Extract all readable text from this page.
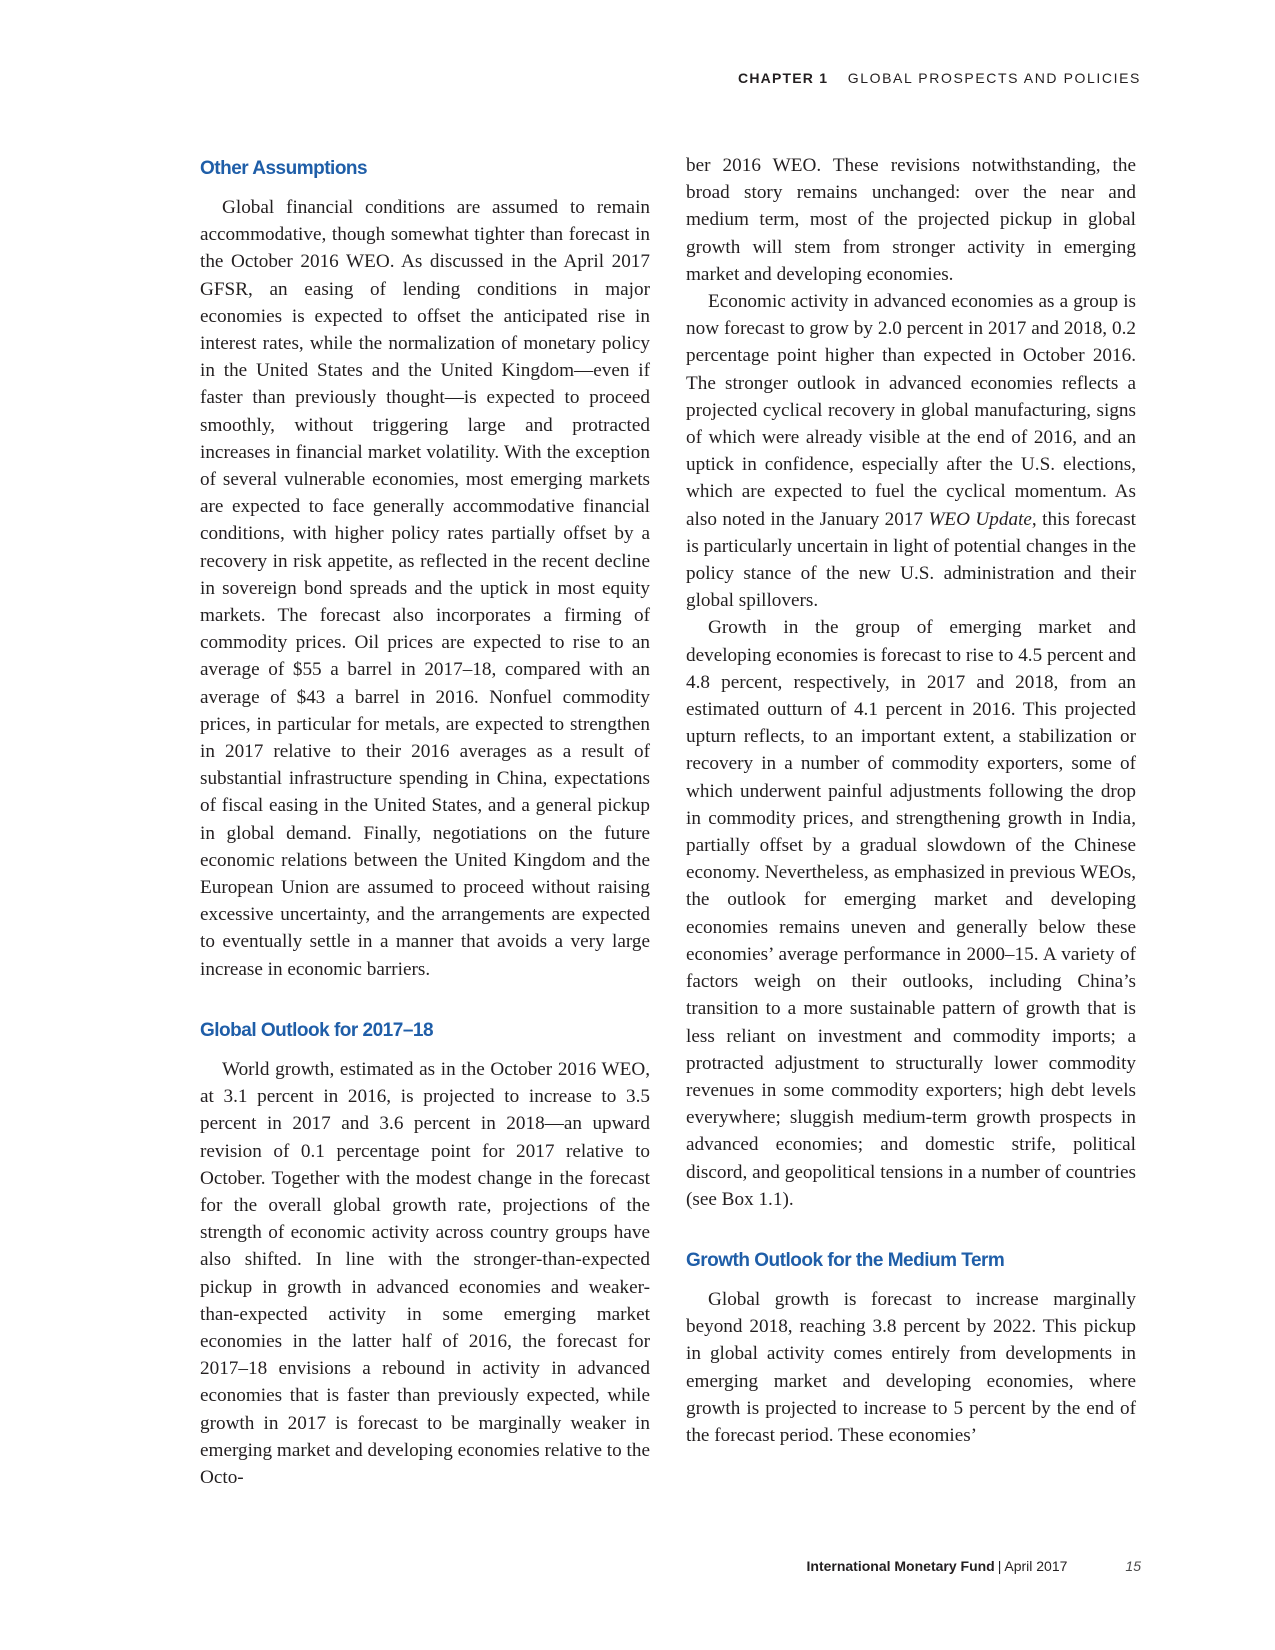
CHAPTER 1 GLOBAL PROSPECTS AND POLICIES
Other Assumptions

Global financial conditions are assumed to remain accommodative, though somewhat tighter than forecast in the October 2016 WEO. As discussed in the April 2017 GFSR, an easing of lending conditions in major economies is expected to offset the anticipated rise in interest rates, while the normalization of monetary policy in the United States and the United Kingdom—even if faster than previously thought—is expected to proceed smoothly, without triggering large and protracted increases in financial market volatility. With the exception of several vulnerable economies, most emerging markets are expected to face generally accommodative financial conditions, with higher policy rates partially offset by a recovery in risk appetite, as reflected in the recent decline in sovereign bond spreads and the uptick in most equity markets. The forecast also incorporates a firming of commodity prices. Oil prices are expected to rise to an average of $55 a barrel in 2017–18, compared with an average of $43 a barrel in 2016. Nonfuel commodity prices, in particular for metals, are expected to strengthen in 2017 relative to their 2016 averages as a result of substantial infrastructure spending in China, expectations of fiscal easing in the United States, and a general pickup in global demand. Finally, negotiations on the future economic relations between the United Kingdom and the European Union are assumed to proceed without raising excessive uncertainty, and the arrangements are expected to eventually settle in a manner that avoids a very large increase in economic barriers.

Global Outlook for 2017–18

World growth, estimated as in the October 2016 WEO, at 3.1 percent in 2016, is projected to increase to 3.5 percent in 2017 and 3.6 percent in 2018—an upward revision of 0.1 percentage point for 2017 relative to October. Together with the modest change in the forecast for the overall global growth rate, projections of the strength of economic activity across country groups have also shifted. In line with the stronger-than-expected pickup in growth in advanced economies and weaker-than-expected activity in some emerging market economies in the latter half of 2016, the forecast for 2017–18 envisions a rebound in activity in advanced economies that is faster than previously expected, while growth in 2017 is forecast to be marginally weaker in emerging market and developing economies relative to the Octo-

ber 2016 WEO. These revisions notwithstanding, the broad story remains unchanged: over the near and medium term, most of the projected pickup in global growth will stem from stronger activity in emerging market and developing economies.

Economic activity in advanced economies as a group is now forecast to grow by 2.0 percent in 2017 and 2018, 0.2 percentage point higher than expected in October 2016. The stronger outlook in advanced economies reflects a projected cyclical recovery in global manufacturing, signs of which were already visible at the end of 2016, and an uptick in confidence, especially after the U.S. elections, which are expected to fuel the cyclical momentum. As also noted in the January 2017 WEO Update, this forecast is particularly uncertain in light of potential changes in the policy stance of the new U.S. administration and their global spillovers.

Growth in the group of emerging market and developing economies is forecast to rise to 4.5 percent and 4.8 percent, respectively, in 2017 and 2018, from an estimated outturn of 4.1 percent in 2016. This projected upturn reflects, to an important extent, a stabilization or recovery in a number of commodity exporters, some of which underwent painful adjustments following the drop in commodity prices, and strengthening growth in India, partially offset by a gradual slowdown of the Chinese economy. Nevertheless, as emphasized in previous WEOs, the outlook for emerging market and developing economies remains uneven and generally below these economies’ average performance in 2000–15. A variety of factors weigh on their outlooks, including China’s transition to a more sustainable pattern of growth that is less reliant on investment and commodity imports; a protracted adjustment to structurally lower commodity revenues in some commodity exporters; high debt levels everywhere; sluggish medium-term growth prospects in advanced economies; and domestic strife, political discord, and geopolitical tensions in a number of countries (see Box 1.1).

Growth Outlook for the Medium Term

Global growth is forecast to increase marginally beyond 2018, reaching 3.8 percent by 2022. This pickup in global activity comes entirely from developments in emerging market and developing economies, where growth is projected to increase to 5 percent by the end of the forecast period. These economies’

International Monetary Fund | April 2017	15
